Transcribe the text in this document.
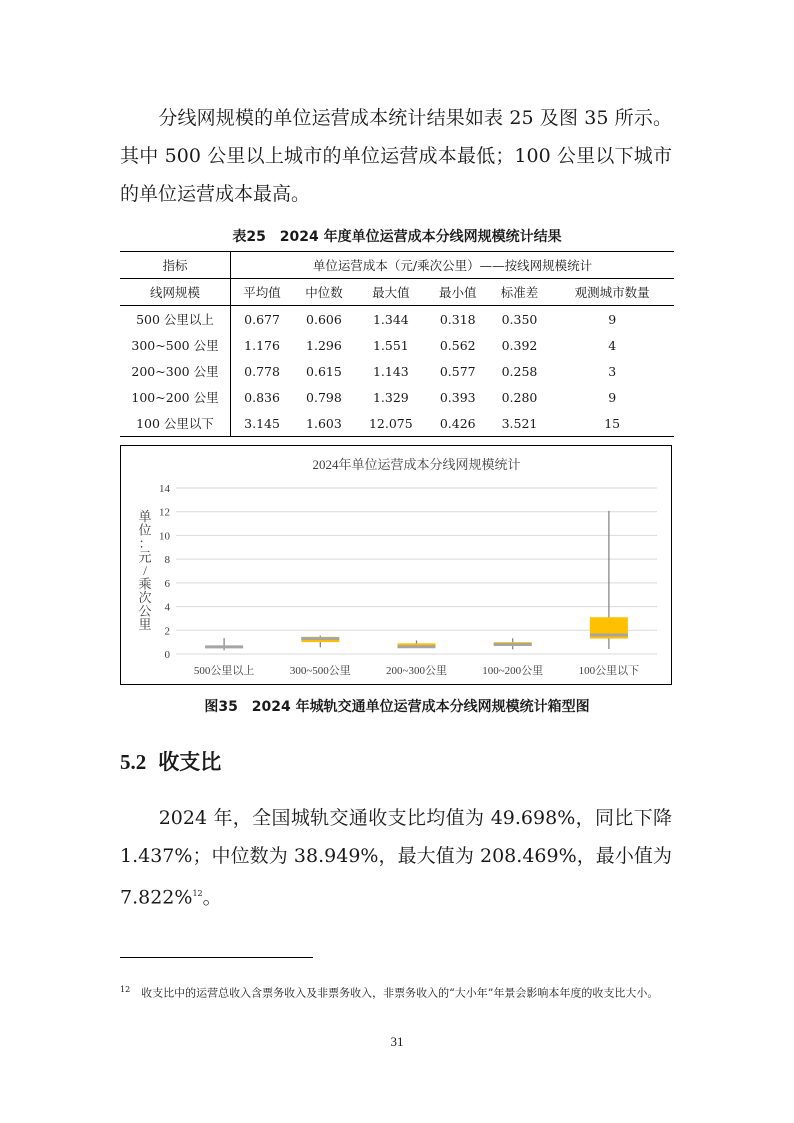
　　分线网规模的单位运营成本统计结果如表 25 及图 35 所示。
其中 500 公里以上城市的单位运营成本最低；100 公里以下城市
的单位运营成本最高。

表25　2024 年度单位运营成本分线网规模统计结果
指标	单位运营成本（元/乘次公里）——按线网规模统计					
线网规模	平均值	中位数	最大值	最小值	标准差	观测城市数量
500 公里以上	0.677	0.606	1.344	0.318	0.350	9
300~500 公里	1.176	1.296	1.551	0.562	0.392	4
200~300 公里	0.778	0.615	1.143	0.577	0.258	3
100~200 公里	0.836	0.798	1.329	0.393	0.280	9
100 公里以下	3.145	1.603	12.075	0.426	3.521	15
2024年单位运营成本分线网规模统计
0
2
4
6
8
10
12
14
单位：元/乘次公里
500公里以上	300~500公里	200~300公里	100~200公里	100公里以下
图35　2024 年城轨交通单位运营成本分线网规模统计箱型图
5.2 收支比

　　2024 年，全国城轨交通收支比均值为 49.698%，同比下降
1.437%；中位数为 38.949%，最大值为 208.469%，最小值为
7.822%$^{12}$。

$^{12}$　收支比中的运营总收入含票务收入及非票务收入，非票务收入的“大小年”年景会影响本年度的收支比大小。

31
